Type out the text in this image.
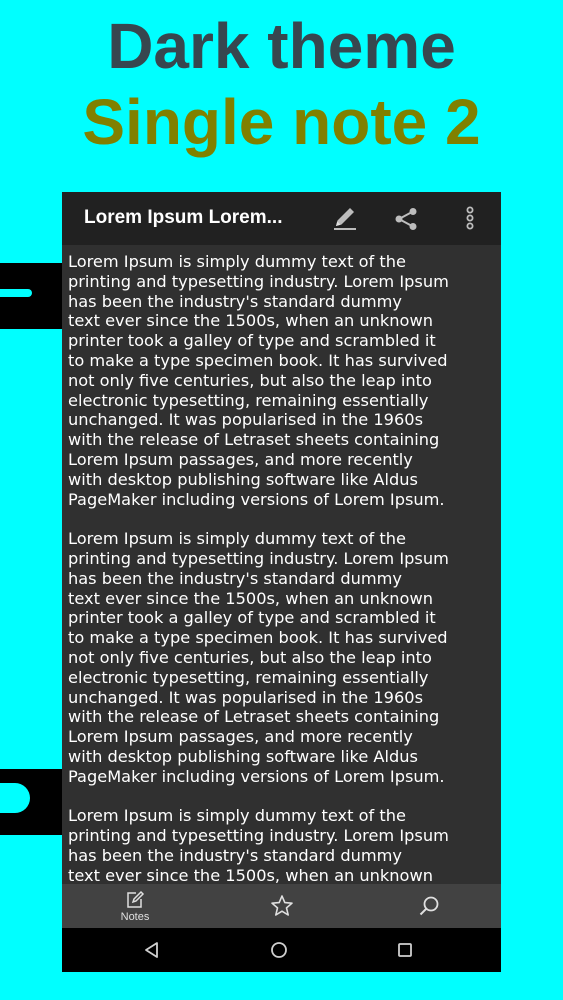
Dark theme
Single note 2
Lorem Ipsum Lorem...

Lorem Ipsum is simply dummy text of the
printing and typesetting industry. Lorem Ipsum
has been the industry's standard dummy
text ever since the 1500s, when an unknown
printer took a galley of type and scrambled it
to make a type specimen book. It has survived
not only five centuries, but also the leap into
electronic typesetting, remaining essentially
unchanged. It was popularised in the 1960s
with the release of Letraset sheets containing
Lorem Ipsum passages, and more recently
with desktop publishing software like Aldus
PageMaker including versions of Lorem Ipsum.

Lorem Ipsum is simply dummy text of the
printing and typesetting industry. Lorem Ipsum
has been the industry's standard dummy
text ever since the 1500s, when an unknown
printer took a galley of type and scrambled it
to make a type specimen book. It has survived
not only five centuries, but also the leap into
electronic typesetting, remaining essentially
unchanged. It was popularised in the 1960s
with the release of Letraset sheets containing
Lorem Ipsum passages, and more recently
with desktop publishing software like Aldus
PageMaker including versions of Lorem Ipsum.

Lorem Ipsum is simply dummy text of the
printing and typesetting industry. Lorem Ipsum
has been the industry's standard dummy
text ever since the 1500s, when an unknown

Notes
